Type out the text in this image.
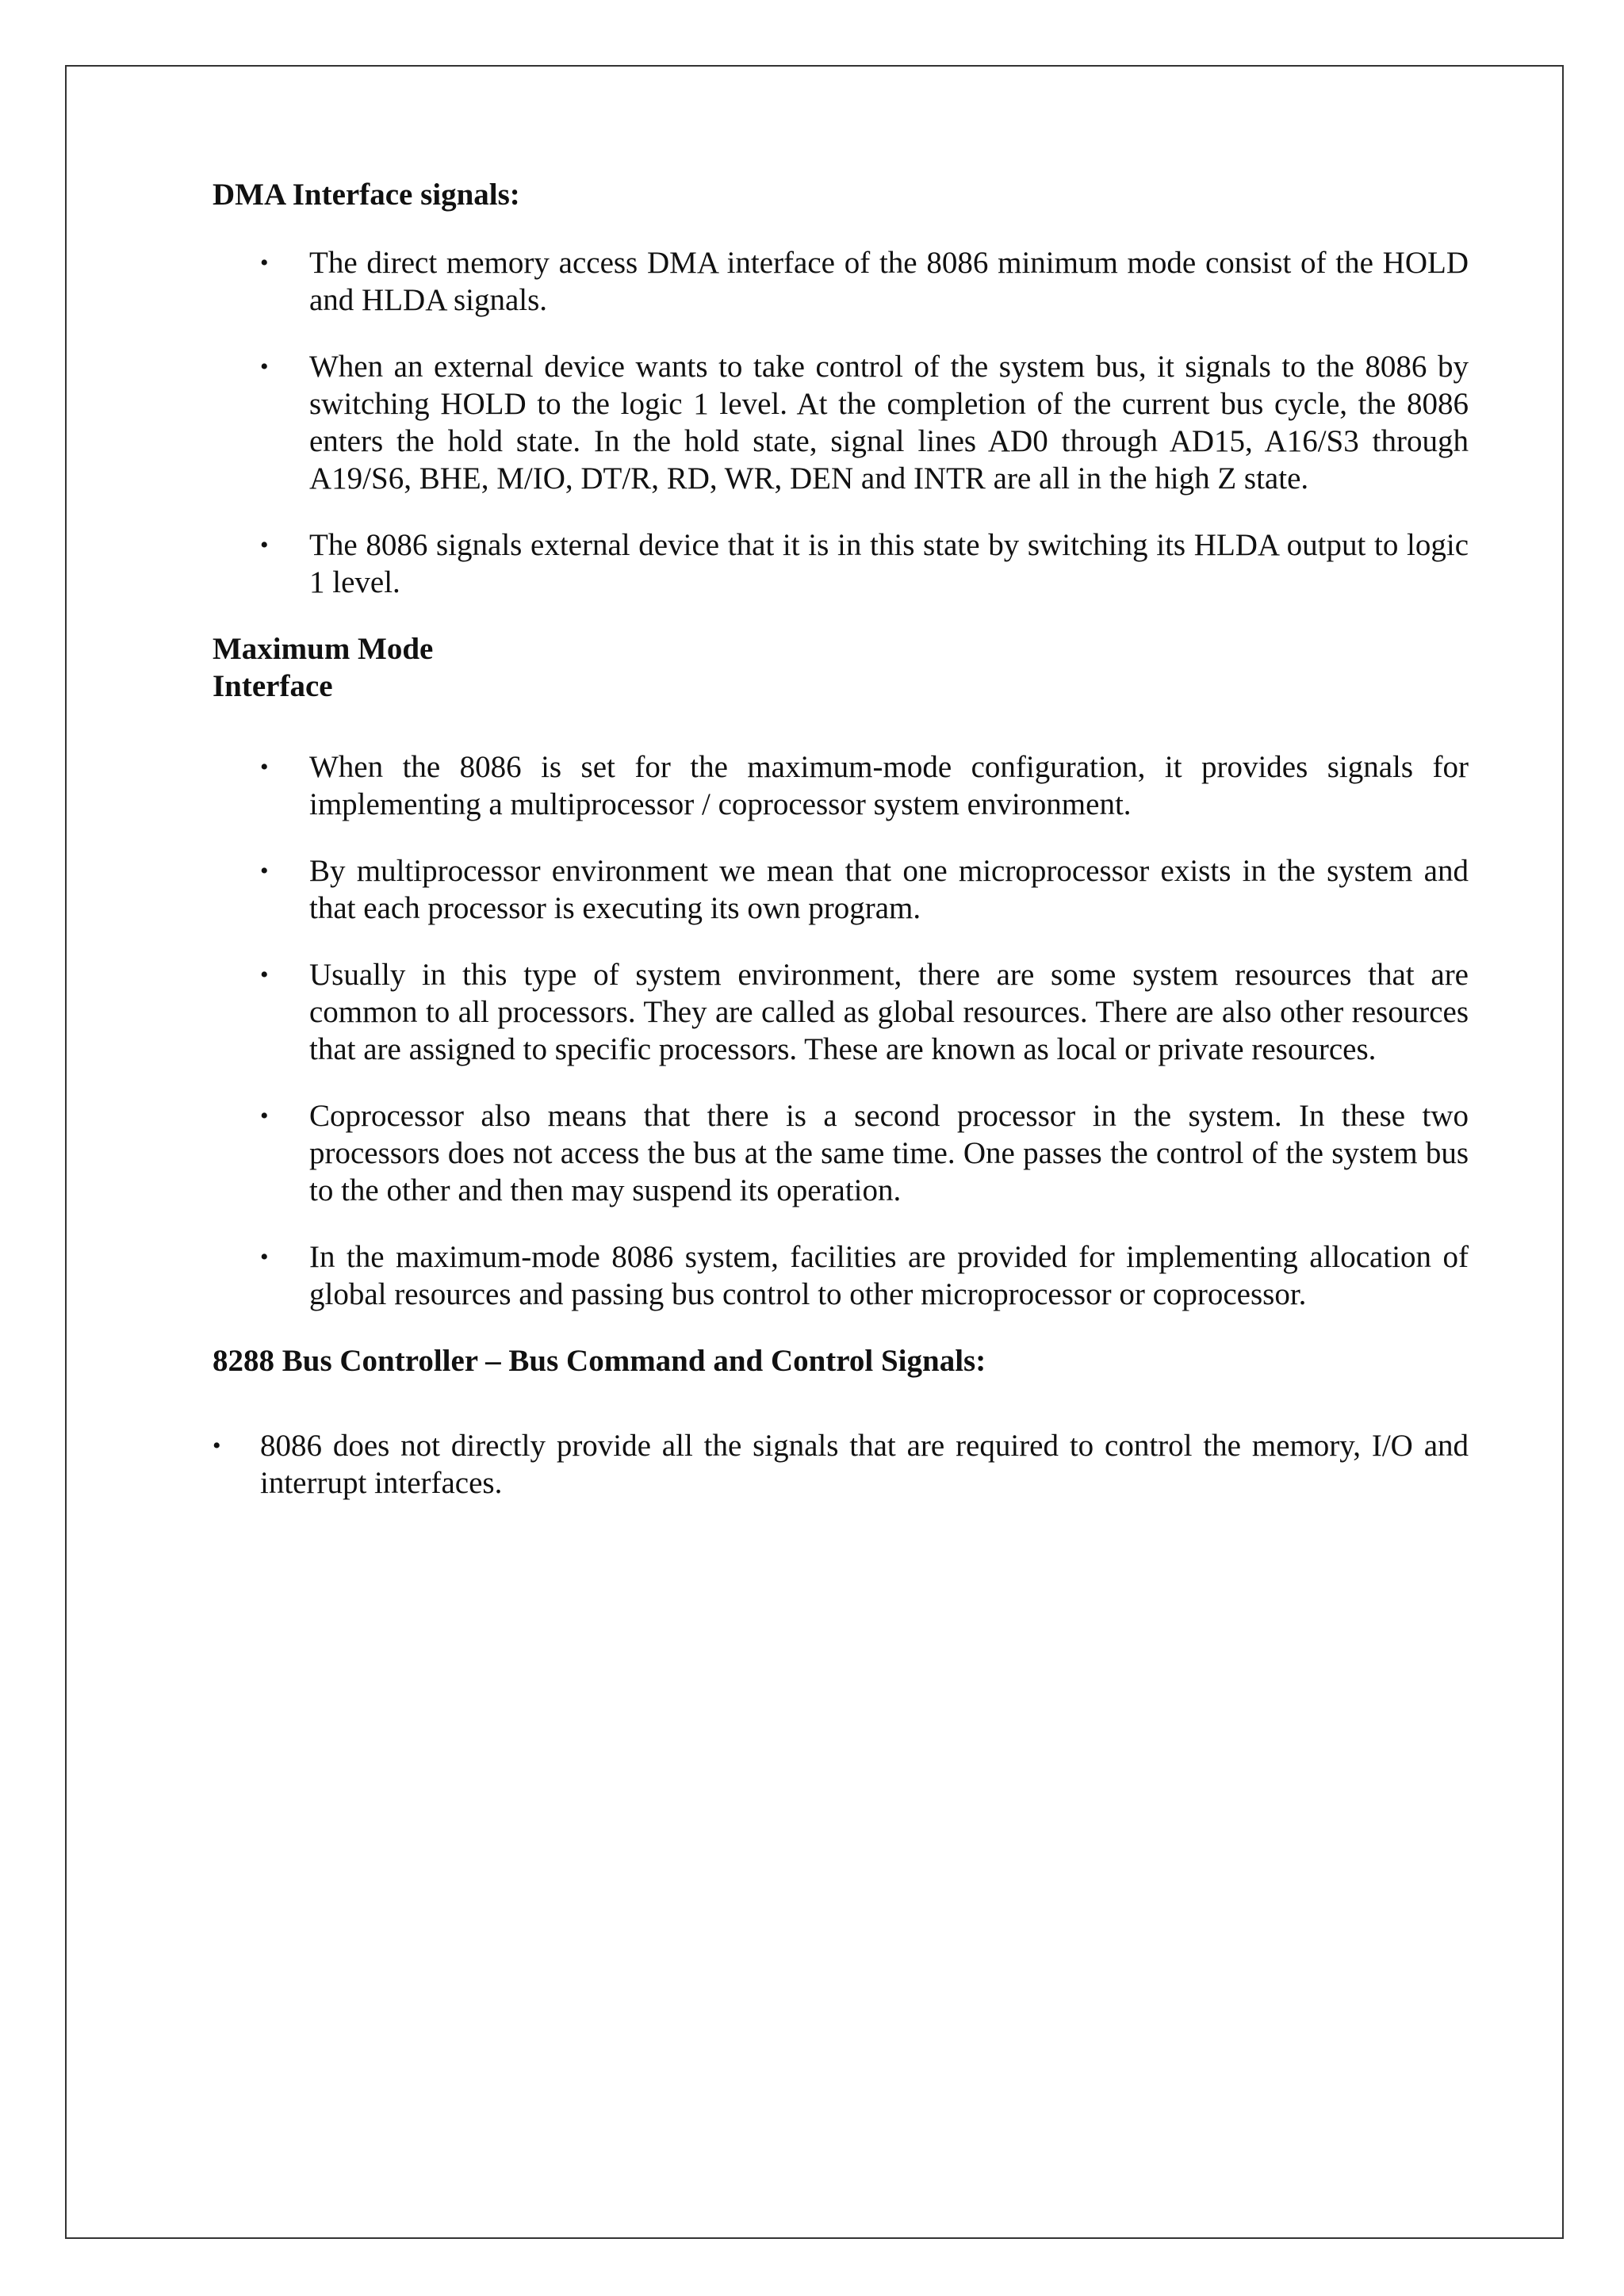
DMA Interface signals:

• The direct memory access DMA interface of the 8086 minimum mode consist of the HOLD and HLDA signals.
• When an external device wants to take control of the system bus, it signals to the 8086 by switching HOLD to the logic 1 level. At the completion of the current bus cycle, the 8086 enters the hold state. In the hold state, signal lines AD0 through AD15, A16/S3 through A19/S6, BHE, M/IO, DT/R, RD, WR, DEN and INTR are all in the high Z state.
• The 8086 signals external device that it is in this state by switching its HLDA output to logic 1 level.

Maximum Mode
Interface

• When the 8086 is set for the maximum-mode configuration, it provides signals for implementing a multiprocessor / coprocessor system environment.
• By multiprocessor environment we mean that one microprocessor exists in the system and that each processor is executing its own program.
• Usually in this type of system environment, there are some system resources that are common to all processors. They are called as global resources. There are also other resources that are assigned to specific processors. These are known as local or private resources.
• Coprocessor also means that there is a second processor in the system. In these two processors does not access the bus at the same time. One passes the control of the system bus to the other and then may suspend its operation.
• In the maximum-mode 8086 system, facilities are provided for implementing allocation of global resources and passing bus control to other microprocessor or coprocessor.

8288 Bus Controller – Bus Command and Control Signals:

• 8086 does not directly provide all the signals that are required to control the memory, I/O and interrupt interfaces.
